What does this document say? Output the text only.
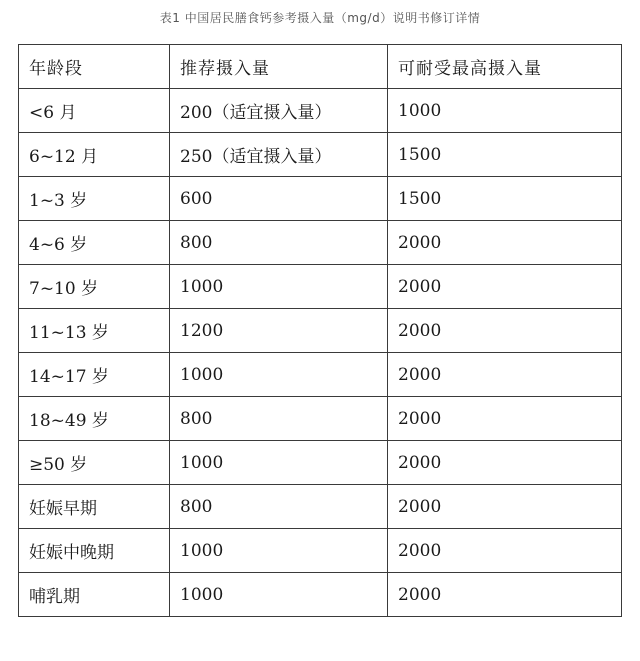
表1 中国居民膳食钙参考摄入量（mg/d）说明书修订详情
年龄段	推荐摄入量	可耐受最高摄入量
<6 月	200（适宜摄入量）	1000
6~12 月	250（适宜摄入量）	1500
1~3 岁	600	1500
4~6 岁	800	2000
7~10 岁	1000	2000
11~13 岁	1200	2000
14~17 岁	1000	2000
18~49 岁	800	2000
≥50 岁	1000	2000
妊娠早期	800	2000
妊娠中晚期	1000	2000
哺乳期	1000	2000
